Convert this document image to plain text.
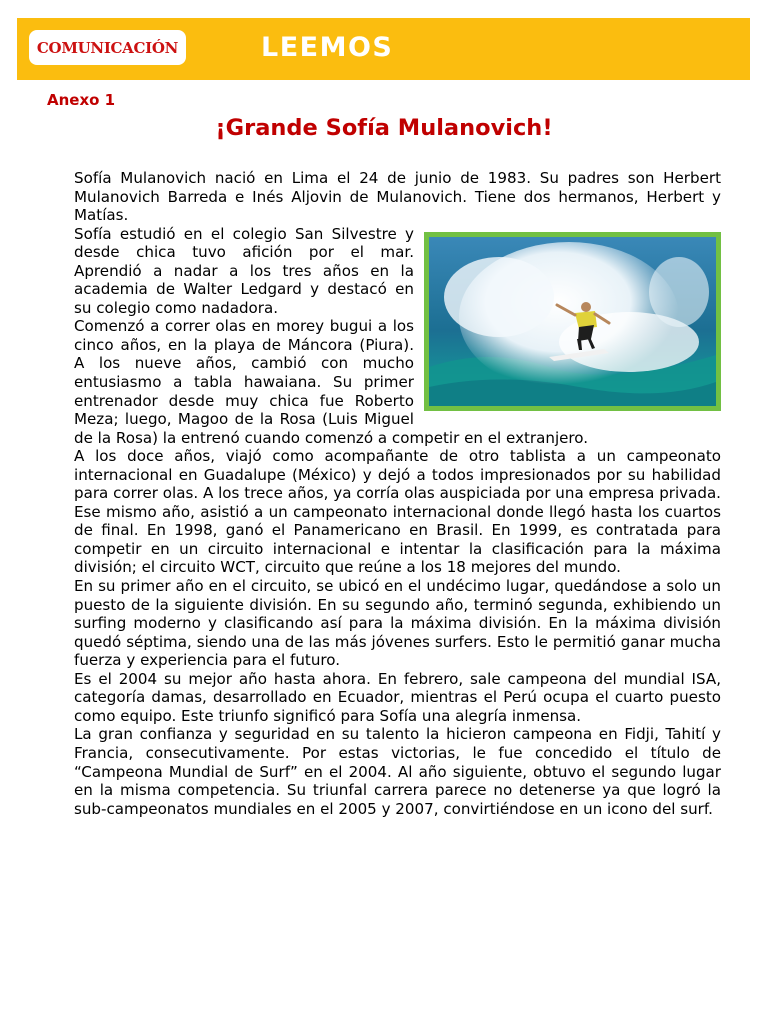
COMUNICACIÓN	LEEMOS
Anexo 1
¡Grande Sofía Mulanovich!

Sofía Mulanovich nació en Lima el 24 de junio de 1983. Su padres son Herbert Mulanovich Barreda e Inés Aljovin de Mulanovich. Tiene dos hermanos, Herbert y Matías.

Sofía estudió en el colegio San Silvestre y desde chica tuvo afición por el mar. Aprendió a nadar a los tres años en la academia de Walter Ledgard y destacó en su colegio como nadadora.

Comenzó a correr olas en morey bugui a los cinco años, en la playa de Máncora (Piura). A los nueve años, cambió con mucho entusiasmo a tabla hawaiana. Su primer entrenador desde muy chica fue Roberto Meza; luego, Magoo de la Rosa (Luis Miguel de la Rosa) la entrenó cuando comenzó a competir en el extranjero.

A los doce años, viajó como acompañante de otro tablista a un campeonato internacional en Guadalupe (México) y dejó a todos impresionados por su habilidad para correr olas. A los trece años, ya corría olas auspiciada por una empresa privada. Ese mismo año, asistió a un campeonato internacional donde llegó hasta los cuartos de final. En 1998, ganó el Panamericano en Brasil. En 1999, es contratada para competir en un circuito internacional e intentar la clasificación para la máxima división; el circuito WCT, circuito que reúne a los 18 mejores del mundo.

En su primer año en el circuito, se ubicó en el undécimo lugar, quedándose a solo un puesto de la siguiente división. En su segundo año, terminó segunda, exhibiendo un surfing moderno y clasificando así para la máxima división. En la máxima división quedó séptima, siendo una de las más jóvenes surfers. Esto le permitió ganar mucha fuerza y experiencia para el futuro.

Es el 2004 su mejor año hasta ahora. En febrero, sale campeona del mundial ISA, categoría damas, desarrollado en Ecuador, mientras el Perú ocupa el cuarto puesto como equipo. Este triunfo significó para Sofía una alegría inmensa.

La gran confianza y seguridad en su talento la hicieron campeona en Fidji, Tahití y Francia, consecutivamente. Por estas victorias, le fue concedido el título de “Campeona Mundial de Surf” en el 2004. Al año siguiente, obtuvo el segundo lugar en la misma competencia. Su triunfal carrera parece no detenerse ya que logró la sub-campeonatos mundiales en el 2005 y 2007, convirtiéndose en un icono del surf.
